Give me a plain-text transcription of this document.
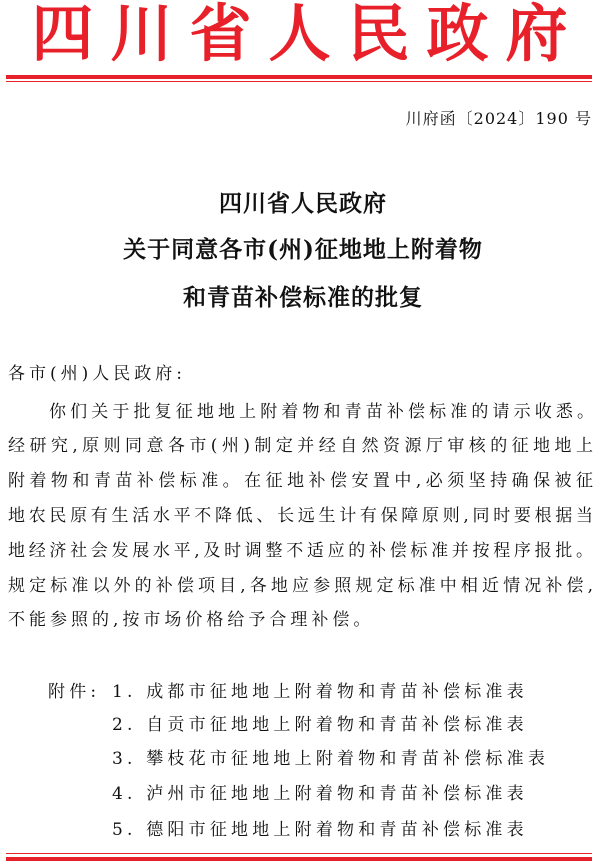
四川省人民政府
川府函〔2024〕190 号
四川省人民政府
关于同意各市(州)征地地上附着物
和青苗补偿标准的批复
各市(州)人民政府:
你们关于批复征地地上附着物和青苗补偿标准的请示收悉。
经研究,原则同意各市(州)制定并经自然资源厅审核的征地地上
附着物和青苗补偿标准。在征地补偿安置中,必须坚持确保被征
地农民原有生活水平不降低、长远生计有保障原则,同时要根据当
地经济社会发展水平,及时调整不适应的补偿标准并按程序报批。
规定标准以外的补偿项目,各地应参照规定标准中相近情况补偿,
不能参照的,按市场价格给予合理补偿。
附件: 1. 成都市征地地上附着物和青苗补偿标准表
2. 自贡市征地地上附着物和青苗补偿标准表
3. 攀枝花市征地地上附着物和青苗补偿标准表
4. 泸州市征地地上附着物和青苗补偿标准表
5. 德阳市征地地上附着物和青苗补偿标准表
